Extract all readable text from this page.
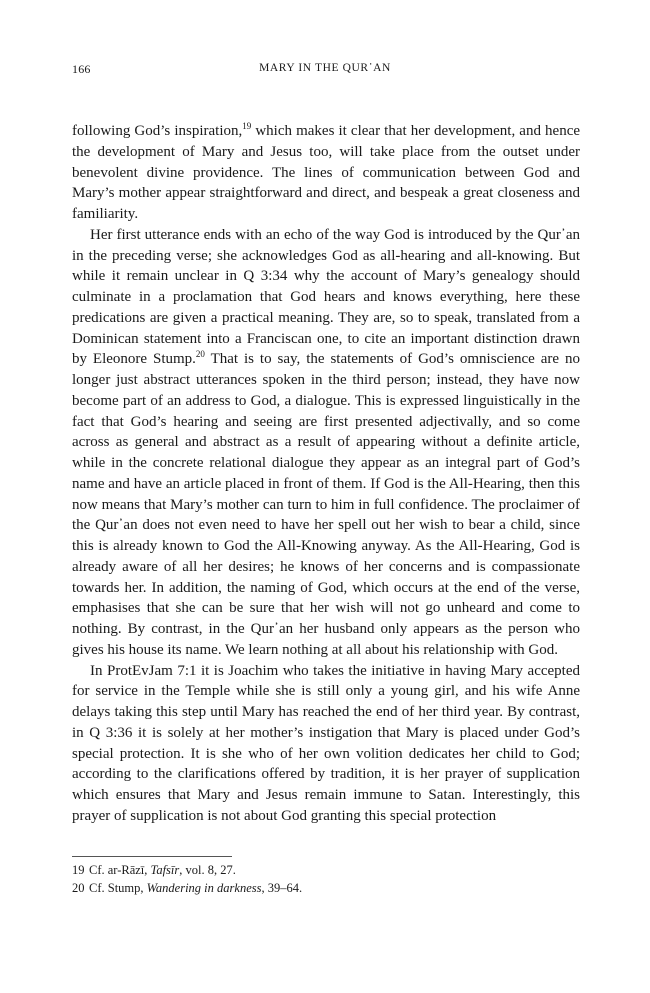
166	MARY IN THE QUR᾿AN

following God’s inspiration,$^{19}$ which makes it clear that her development, and hence the development of Mary and Jesus too, will take place from the outset under benevolent divine providence. The lines of communication between God and Mary’s mother appear straightforward and direct, and bespeak a great closeness and familiarity.

Her first utterance ends with an echo of the way God is introduced by the Qur᾿an in the preceding verse; she acknowledges God as all-hearing and all-knowing. But while it remain unclear in Q 3:34 why the account of Mary’s genealogy should culminate in a proclamation that God hears and knows everything, here these predications are given a practical meaning. They are, so to speak, translated from a Dominican statement into a Franciscan one, to cite an important distinction drawn by Eleonore Stump.$^{20}$ That is to say, the statements of God’s omniscience are no longer just abstract utterances spoken in the third person; instead, they have now become part of an address to God, a dialogue. This is expressed linguistically in the fact that God’s hearing and seeing are first presented adjectivally, and so come across as general and abstract as a result of appearing without a definite article, while in the concrete relational dialogue they appear as an integral part of God’s name and have an article placed in front of them. If God is the All-Hearing, then this now means that Mary’s mother can turn to him in full confidence. The proclaimer of the Qur᾿an does not even need to have her spell out her wish to bear a child, since this is already known to God the All-Knowing anyway. As the All-Hearing, God is already aware of all her desires; he knows of her concerns and is compassionate towards her. In addition, the naming of God, which occurs at the end of the verse, emphasises that she can be sure that her wish will not go unheard and come to nothing. By contrast, in the Qur᾿an her husband only appears as the person who gives his house its name. We learn nothing at all about his relationship with God.

In ProtEvJam 7:1 it is Joachim who takes the initiative in having Mary accepted for service in the Temple while she is still only a young girl, and his wife Anne delays taking this step until Mary has reached the end of her third year. By contrast, in Q 3:36 it is solely at her mother’s instigation that Mary is placed under God’s special protection. It is she who of her own volition dedicates her child to God; according to the clarifications offered by tradition, it is her prayer of supplication which ensures that Mary and Jesus remain immune to Satan. Interestingly, this prayer of supplication is not about God granting this special protection

19 Cf. ar-Rāzī, Tafsīr, vol. 8, 27.

20 Cf. Stump, Wandering in darkness, 39–64.
